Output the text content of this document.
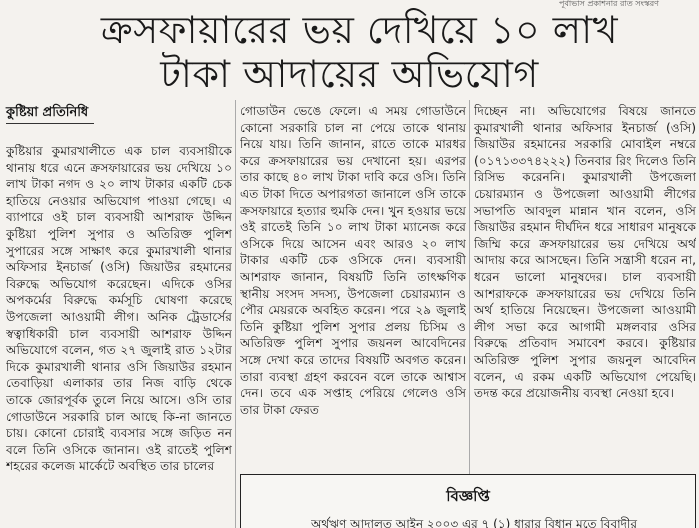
পূর্বাভাস প্রকাশনার রাত সংস্করণ
ক্রসফায়ারের ভয় দেখিয়ে ১০ লাখ
টাকা আদায়ের অভিযোগ
কুষ্টিয়া প্রতিনিধি

কুষ্টিয়ার কুমারখালীতে এক চাল ব্যবসায়ীকে থানায় ধরে এনে ক্রসফায়ারের ভয় দেখিয়ে ১০ লাখ টাকা নগদ ও ২০ লাখ টাকার একটি চেক হাতিয়ে নেওয়ার অভিযোগ পাওয়া গেছে। এ ব্যাপারে ওই চাল ব্যবসায়ী আশরাফ উদ্দিন কুষ্টিয়া পুলিশ সুপার ও অতিরিক্ত পুলিশ সুপারের সঙ্গে সাক্ষাৎ করে কুমারখালী থানার অফিসার ইনচার্জ (ওসি) জিয়াউর রহমানের বিরুদ্ধে অভিযোগ করেছেন। এদিকে ওসির অপকর্মের বিরুদ্ধে কর্মসূচি ঘোষণা করেছে উপজেলা আওয়ামী লীগ। অনিক ট্রেডার্সের স্বত্বাধিকারী চাল ব্যবসায়ী আশরাফ উদ্দিন অভিযোগে বলেন, গত ২৭ জুলাই রাত ১২টার দিকে কুমারখালী থানার ওসি জিয়াউর রহমান তেবাড়িয়া এলাকার তার নিজ বাড়ি থেকে তাকে জোরপূর্বক তুলে নিয়ে আসে। ওসি তার গোডাউনে সরকারি চাল আছে কি-না জানতে চায়। কোনো চোরাই ব্যবসার সঙ্গে জড়িত নন বলে তিনি ওসিকে জানান। ওই রাতেই পুলিশ শহরের কলেজ মার্কেটে অবস্থিত তার চালের

গোডাউন ভেঙে ফেলে। এ সময় গোডাউনে কোনো সরকারি চাল না পেয়ে তাকে থানায় নিয়ে যায়। তিনি জানান, রাতে তাকে মারধর করে ক্রসফায়ারের ভয় দেখানো হয়। এরপর তার কাছে ৪০ লাখ টাকা দাবি করে ওসি। তিনি এত টাকা দিতে অপারগতা জানালে ওসি তাকে ক্রসফায়ারে হত্যার হুমকি দেন। খুন হওয়ার ভয়ে ওই রাতেই তিনি ১০ লাখ টাকা ম্যানেজ করে ওসিকে দিয়ে আসেন এবং আরও ২০ লাখ টাকার একটি চেক ওসিকে দেন। ব্যবসায়ী আশরাফ জানান, বিষয়টি তিনি তাৎক্ষণিক স্থানীয় সংসদ সদস্য, উপজেলা চেয়ারম্যান ও পৌর মেয়রকে অবহিত করেন। পরে ২৯ জুলাই তিনি কুষ্টিয়া পুলিশ সুপার প্রলয় চিসিম ও অতিরিক্ত পুলিশ সুপার জয়নল আবেদিনের সঙ্গে দেখা করে তাদের বিষয়টি অবগত করেন। তারা ব্যবস্থা গ্রহণ করবেন বলে তাকে আশ্বাস দেন। তবে এক সপ্তাহ পেরিয়ে গেলেও ওসি তার টাকা ফেরত

দিচ্ছেন না। অভিযোগের বিষয়ে জানতে কুমারখালী থানার অফিসার ইনচার্জ (ওসি) জিয়াউর রহমানের সরকারি মোবাইল নম্বরে (০১৭১৩৩৭৪২২২) তিনবার রিং দিলেও তিনি রিসিভ করেননি। কুমারখালী উপজেলা চেয়ারম্যান ও উপজেলা আওয়ামী লীগের সভাপতি আবদুল মান্নান খান বলেন, ওসি জিয়াউর রহমান দীর্ঘদিন ধরে সাধারণ মানুষকে জিম্মি করে ক্রসফায়ারের ভয় দেখিয়ে অর্থ আদায় করে আসছেন। তিনি সন্ত্রাসী ধরেন না, ধরেন ভালো মানুষদের। চাল ব্যবসায়ী আশরাফকে ক্রসফায়ারের ভয় দেখিয়ে তিনি অর্থ হাতিয়ে নিয়েছেন। উপজেলা আওয়ামী লীগ সভা করে আগামী মঙ্গলবার ওসির বিরুদ্ধে প্রতিবাদ সমাবেশ করবে। কুষ্টিয়ার অতিরিক্ত পুলিশ সুপার জয়নুল আবেদিন বলেন, এ রকম একটি অভিযোগ পেয়েছি। তদন্ত করে প্রয়োজনীয় ব্যবস্থা নেওয়া হবে।

বিজ্ঞপ্তি
অর্থঋণ আদালত আইন ২০০৩ এর ৭ (১) ধারার বিধান মতে বিবাদীর
